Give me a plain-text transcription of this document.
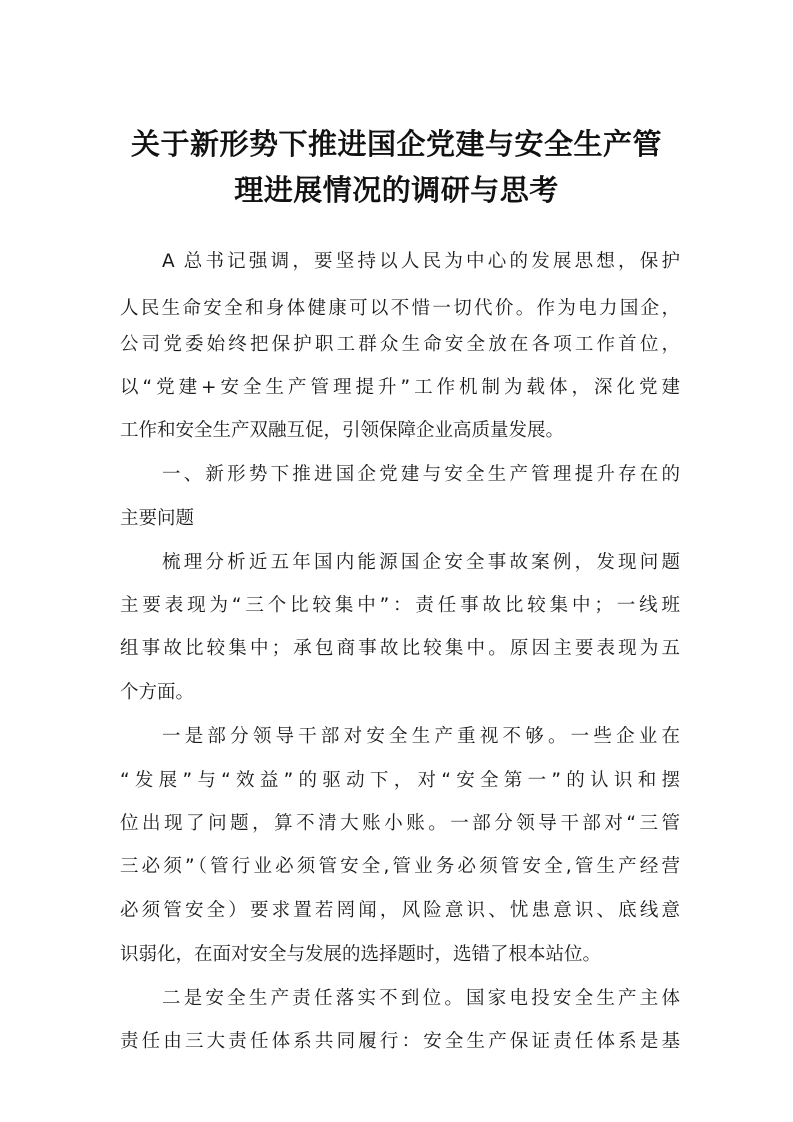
关于新形势下推进国企党建与安全生产管
理进展情况的调研与思考
A 总书记强调，要坚持以人民为中心的发展思想，保护
人民生命安全和身体健康可以不惜一切代价。作为电力国企，
公司党委始终把保护职工群众生命安全放在各项工作首位，
以“党建+安全生产管理提升”工作机制为载体，深化党建
工作和安全生产双融互促，引领保障企业高质量发展。
一、新形势下推进国企党建与安全生产管理提升存在的
主要问题
梳理分析近五年国内能源国企安全事故案例，发现问题
主要表现为“三个比较集中”：责任事故比较集中；一线班
组事故比较集中；承包商事故比较集中。原因主要表现为五
个方面。
一是部分领导干部对安全生产重视不够。一些企业在
“发展”与“效益”的驱动下，对“安全第一”的认识和摆
位出现了问题，算不清大账小账。一部分领导干部对“三管
三必须”（管行业必须管安全,管业务必须管安全,管生产经营
必须管安全）要求置若罔闻，风险意识、忧患意识、底线意
识弱化，在面对安全与发展的选择题时，选错了根本站位。
二是安全生产责任落实不到位。国家电投安全生产主体
责任由三大责任体系共同履行：安全生产保证责任体系是基
